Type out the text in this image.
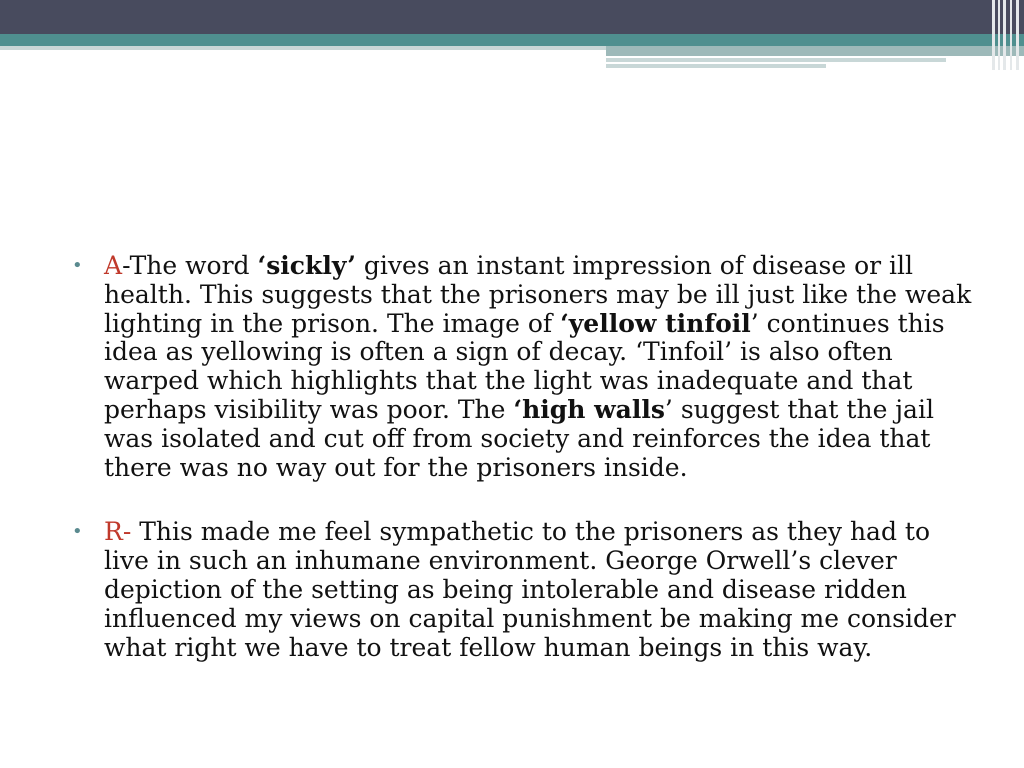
• A-The word ‘sickly’ gives an instant impression of disease or ill health. This suggests that the prisoners may be ill just like the weak lighting in the prison. The image of ‘yellow tinfoil’ continues this idea as yellowing is often a sign of decay. ‘Tinfoil’ is also often warped which highlights that the light was inadequate and that perhaps visibility was poor. The ‘high walls’ suggest that the jail was isolated and cut off from society and reinforces the idea that there was no way out for the prisoners inside.
• R- This made me feel sympathetic to the prisoners as they had to live in such an inhumane environment. George Orwell’s clever depiction of the setting as being intolerable and disease ridden influenced my views on capital punishment be making me consider what right we have to treat fellow human beings in this way.
